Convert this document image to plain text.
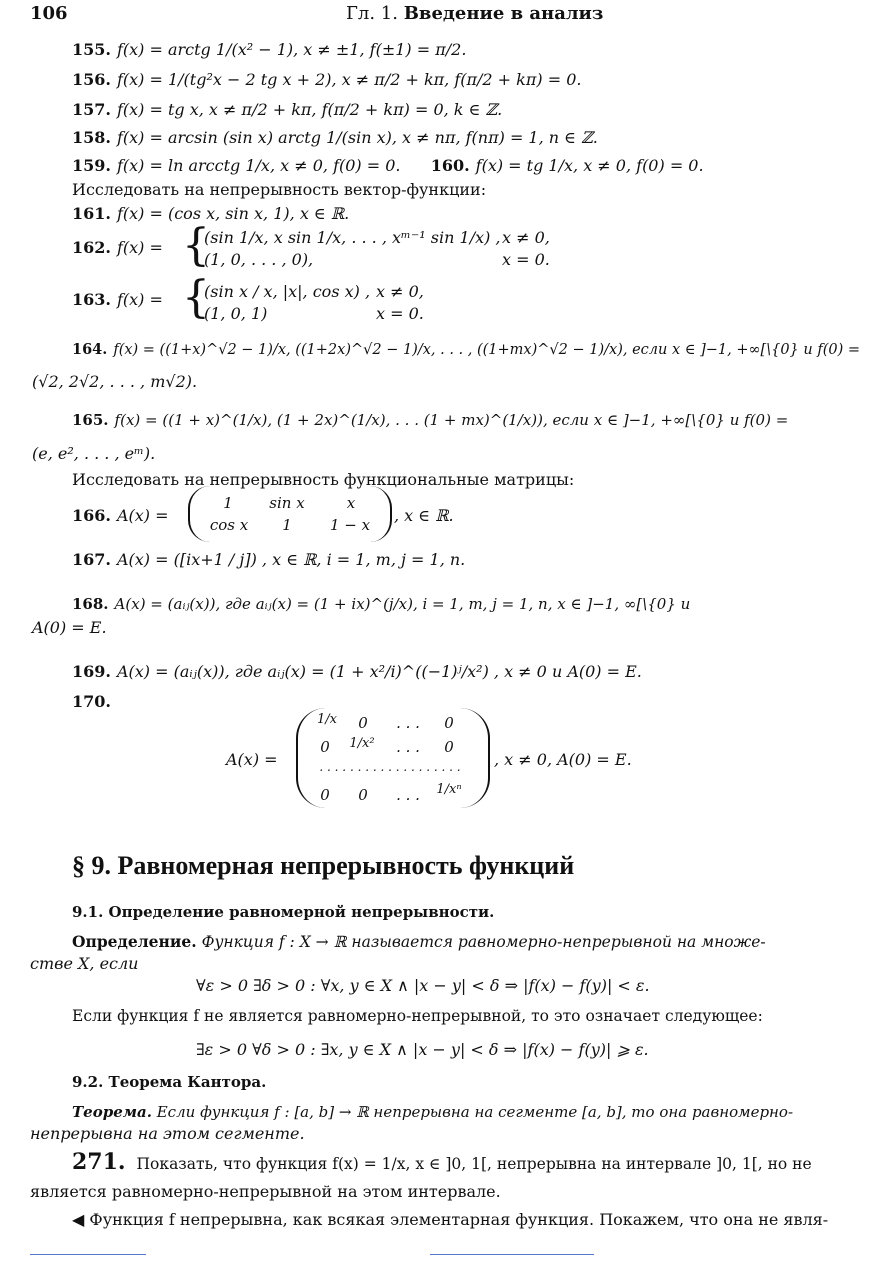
106	Гл. 1. Введение в анализ
155. f(x) = arctg 1/(x² − 1), x ≠ ±1, f(±1) = π/2.
156. f(x) = 1/(tg²x − 2 tg x + 2), x ≠ π/2 + kπ, f(π/2 + kπ) = 0.
157. f(x) = tg x, x ≠ π/2 + kπ, f(π/2 + kπ) = 0, k ∈ ℤ.
158. f(x) = arcsin (sin x) arctg 1/(sin x), x ≠ nπ, f(nπ) = 1, n ∈ ℤ.
159. f(x) = ln arcctg 1/x, x ≠ 0, f(0) = 0. 160. f(x) = tg 1/x, x ≠ 0, f(0) = 0.
Исследовать на непрерывность вектор-функции:
161. f(x) = (cos x, sin x, 1), x ∈ ℝ.
162. f(x) = {
(sin 1/x, x sin 1/x, . . . , xᵐ⁻¹ sin 1/x) , x ≠ 0,
(1, 0, . . . , 0),	x = 0.
163. f(x) = {
(sin x / x, |x|, cos x) , x ≠ 0,
(1, 0, 1)	x = 0.
164. f(x) = ((1+x)^√2 − 1)/x, ((1+2x)^√2 − 1)/x, . . . , ((1+mx)^√2 − 1)/x), если x ∈ ]−1, +∞[\{0} и f(0) =
(√2, 2√2, . . . , m√2).
165. f(x) = ((1 + x)^(1/x), (1 + 2x)^(1/x), . . . (1 + mx)^(1/x)), если x ∈ ]−1, +∞[\{0} и f(0) =
(e, e², . . . , eᵐ).
Исследовать на непрерывность функциональные матрицы:
166. A(x) =
1	sin x	x
cos x	1	1 − x	, x ∈ ℝ.
167. A(x) = ([ix+1 / j]) , x ∈ ℝ, i = 1, m, j = 1, n.
168. A(x) = (aᵢⱼ(x)), где aᵢⱼ(x) = (1 + ix)^(j/x), i = 1, m, j = 1, n, x ∈ ]−1, ∞[\{0} и
A(0) = E.
169. A(x) = (aᵢⱼ(x)), где aᵢⱼ(x) = (1 + x²/i)^((−1)ʲ/x²) , x ≠ 0 и A(0) = E.
170.
A(x) =
1/x	0	. . .	0
0	1/x²	. . .	0
. . . . . . . . . . . . . . . . . . .
0	0	. . .	1/xⁿ
, x ≠ 0, A(0) = E.
§ 9. Равномерная непрерывность функций
9.1. Определение равномерной непрерывности.
Определение. Функция f : X → ℝ называется равномерно-непрерывной на множе-
стве X, если
∀ε > 0 ∃δ > 0 : ∀x, y ∈ X ∧ |x − y| < δ ⇒ |f(x) − f(y)| < ε.
Если функция f не является равномерно-непрерывной, то это означает следующее:
∃ε > 0 ∀δ > 0 : ∃x, y ∈ X ∧ |x − y| < δ ⇒ |f(x) − f(y)| ⩾ ε.
9.2. Теорема Кантора.
Теорема. Если функция f : [a, b] → ℝ непрерывна на сегменте [a, b], то она равномерно-
непрерывна на этом сегменте.
271. Показать, что функция f(x) = 1/x, x ∈ ]0, 1[, непрерывна на интервале ]0, 1[, но не
является равномерно-непрерывной на этом интервале.
◀ Функция f непрерывна, как всякая элементарная функция. Покажем, что она не явля-
